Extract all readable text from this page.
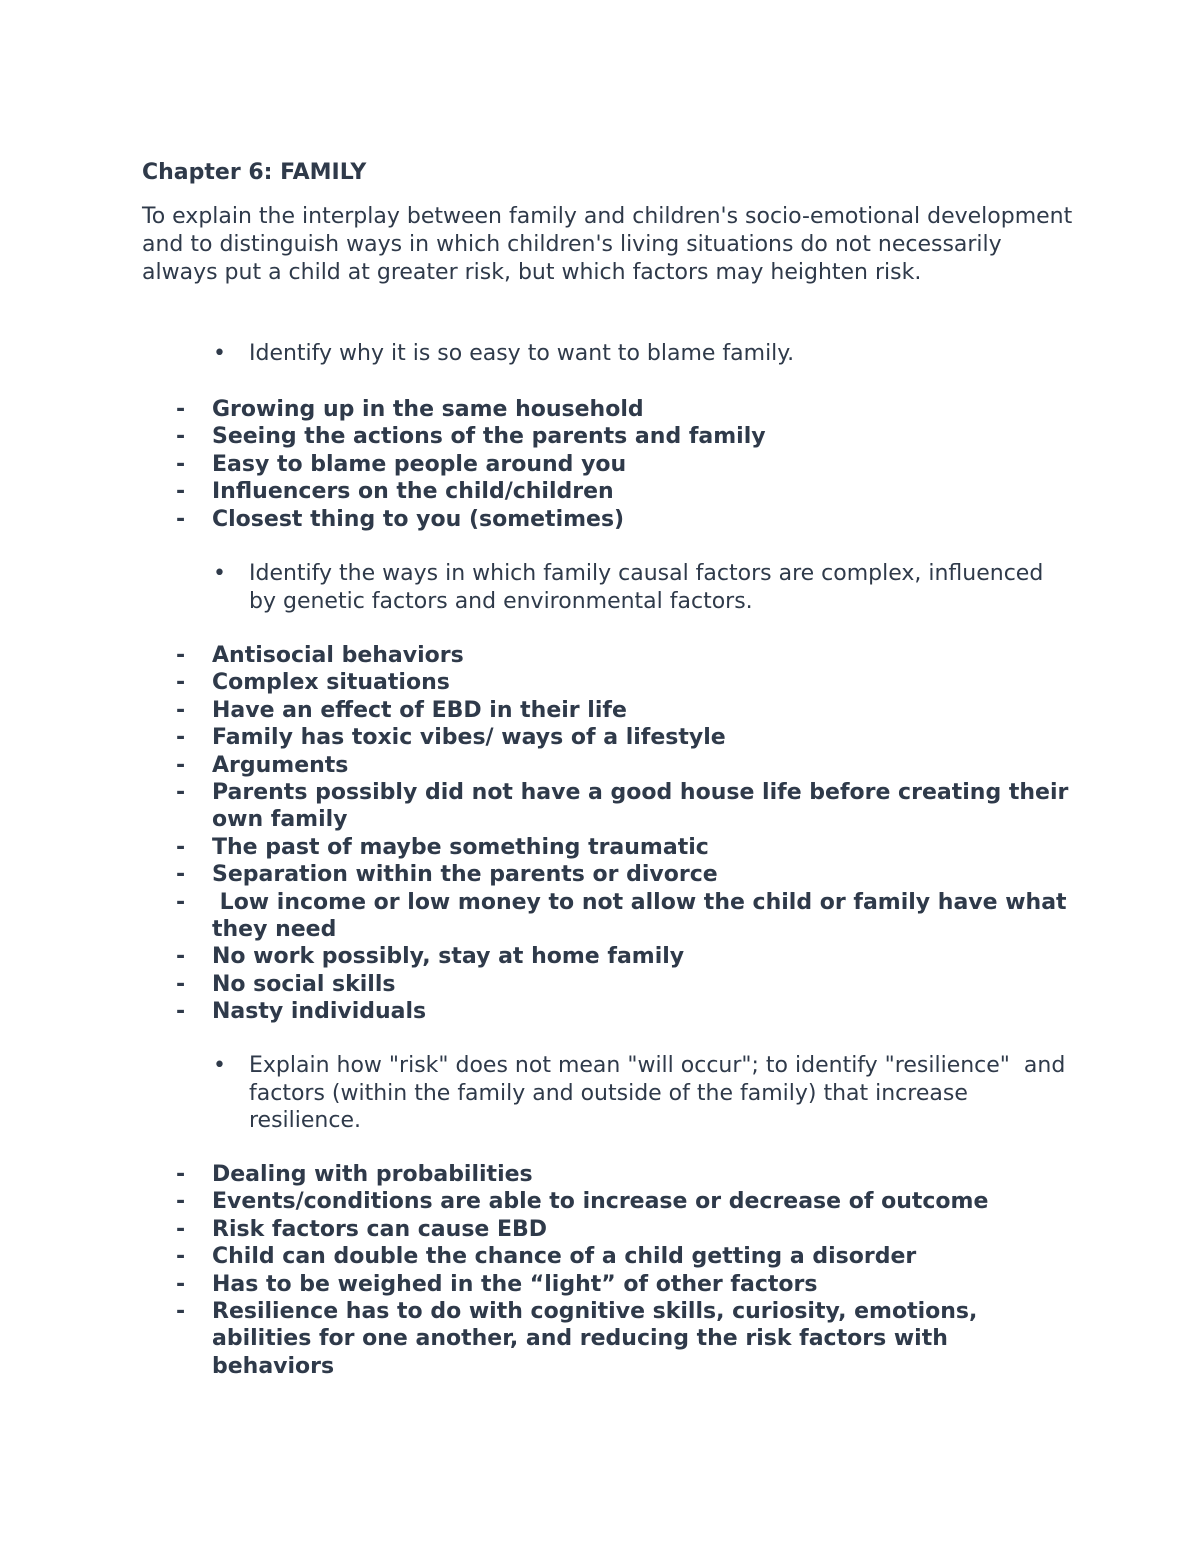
Chapter 6: FAMILY
To explain the interplay between family and children's socio-emotional development and to distinguish ways in which children's living situations do not necessarily always put a child at greater risk, but which factors may heighten risk.
•	Identify why it is so easy to want to blame family.
-	Growing up in the same household
-	Seeing the actions of the parents and family
-	Easy to blame people around you
-	Influencers on the child/children
-	Closest thing to you (sometimes)
•	Identify the ways in which family causal factors are complex, influenced by genetic factors and environmental factors.
-	Antisocial behaviors
-	Complex situations
-	Have an effect of EBD in their life
-	Family has toxic vibes/ ways of a lifestyle
-	Arguments
-	Parents possibly did not have a good house life before creating their own family
-	The past of maybe something traumatic
-	Separation within the parents or divorce
-	Low income or low money to not allow the child or family have what they need
-	No work possibly, stay at home family
-	No social skills
-	Nasty individuals
•	Explain how "risk" does not mean "will occur"; to identify "resilience"  and factors (within the family and outside of the family) that increase resilience.
-	Dealing with probabilities
-	Events/conditions are able to increase or decrease of outcome
-	Risk factors can cause EBD
-	Child can double the chance of a child getting a disorder
-	Has to be weighed in the “light” of other factors
-	Resilience has to do with cognitive skills, curiosity, emotions, abilities for one another, and reducing the risk factors with behaviors
